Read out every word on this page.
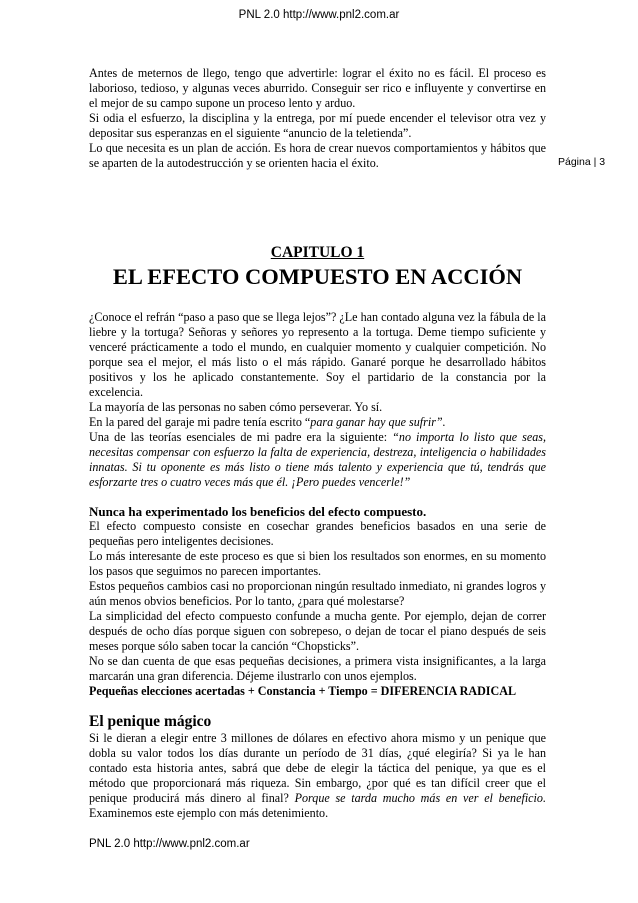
PNL 2.0 http://www.pnl2.com.ar
Página | 3

Antes de meternos de llego, tengo que advertirle: lograr el éxito no es fácil. El proceso es laborioso, tedioso, y algunas veces aburrido. Conseguir ser rico e influyente y convertirse en el mejor de su campo supone un proceso lento y arduo.

Si odia el esfuerzo, la disciplina y la entrega, por mí puede encender el televisor otra vez y depositar sus esperanzas en el siguiente “anuncio de la teletienda”.

Lo que necesita es un plan de acción. Es hora de crear nuevos comportamientos y hábitos que se aparten de la autodestrucción y se orienten hacia el éxito.

CAPITULO 1
EL EFECTO COMPUESTO EN ACCIÓN

¿Conoce el refrán “paso a paso que se llega lejos”? ¿Le han contado alguna vez la fábula de la liebre y la tortuga? Señoras y señores yo represento a la tortuga. Deme tiempo suficiente y venceré prácticamente a todo el mundo, en cualquier momento y cualquier competición. No porque sea el mejor, el más listo o el más rápido. Ganaré porque he desarrollado hábitos positivos y los he aplicado constantemente. Soy el partidario de la constancia por la excelencia.

La mayoría de las personas no saben cómo perseverar. Yo sí.

En la pared del garaje mi padre tenía escrito “para ganar hay que sufrir”.

Una de las teorías esenciales de mi padre era la siguiente: “no importa lo listo que seas, necesitas compensar con esfuerzo la falta de experiencia, destreza, inteligencia o habilidades innatas. Si tu oponente es más listo o tiene más talento y experiencia que tú, tendrás que esforzarte tres o cuatro veces más que él. ¡Pero puedes vencerle!”

Nunca ha experimentado los beneficios del efecto compuesto.

El efecto compuesto consiste en cosechar grandes beneficios basados en una serie de pequeñas pero inteligentes decisiones.

Lo más interesante de este proceso es que si bien los resultados son enormes, en su momento los pasos que seguimos no parecen importantes.

Estos pequeños cambios casi no proporcionan ningún resultado inmediato, ni grandes logros y aún menos obvios beneficios. Por lo tanto, ¿para qué molestarse?

La simplicidad del efecto compuesto confunde a mucha gente. Por ejemplo, dejan de correr después de ocho días porque siguen con sobrepeso, o dejan de tocar el piano después de seis meses porque sólo saben tocar la canción “Chopsticks”.

No se dan cuenta de que esas pequeñas decisiones, a primera vista insignificantes, a la larga marcarán una gran diferencia. Déjeme ilustrarlo con unos ejemplos.

Pequeñas elecciones acertadas + Constancia + Tiempo = DIFERENCIA RADICAL

El penique mágico

Si le dieran a elegir entre 3 millones de dólares en efectivo ahora mismo y un penique que dobla su valor todos los días durante un período de 31 días, ¿qué elegiría? Si ya le han contado esta historia antes, sabrá que debe de elegir la táctica del penique, ya que es el método que proporcionará más riqueza. Sin embargo, ¿por qué es tan difícil creer que el penique producirá más dinero al final? Porque se tarda mucho más en ver el beneficio. Examinemos este ejemplo con más detenimiento.

PNL 2.0 http://www.pnl2.com.ar
